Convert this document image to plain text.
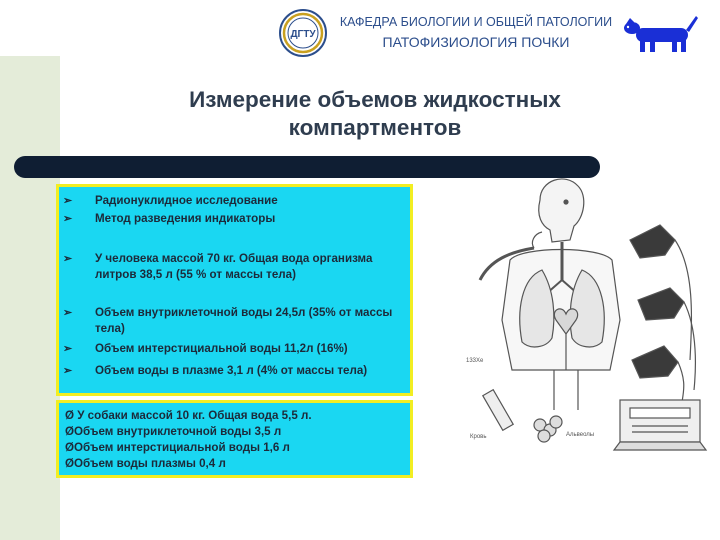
ДГТУ
КАФЕДРА БИОЛОГИИ И ОБЩЕЙ ПАТОЛОГИИ
ПАТОФИЗИОЛОГИЯ ПОЧКИ
Измерение объемов жидкостных
компартментов
➢ Радионуклидное исследование
➢ Метод разведения индикаторы
➢ У человека массой 70 кг. Общая вода организма литров 38,5 л (55 % от массы тела)
➢ Объем внутриклеточной воды 24,5л (35% от массы тела)
➢ Объем интерстициальной воды 11,2л (16%)
➢ Объем воды в плазме 3,1 л (4% от массы тела)
Ø У собаки массой 10 кг. Общая вода 5,5 л.
ØОбъем внутриклеточной воды 3,5 л
ØОбъем интерстициальной воды 1,6 л
ØОбъем воды плазмы 0,4 л
133Xe
Кровь	Альвеолы
